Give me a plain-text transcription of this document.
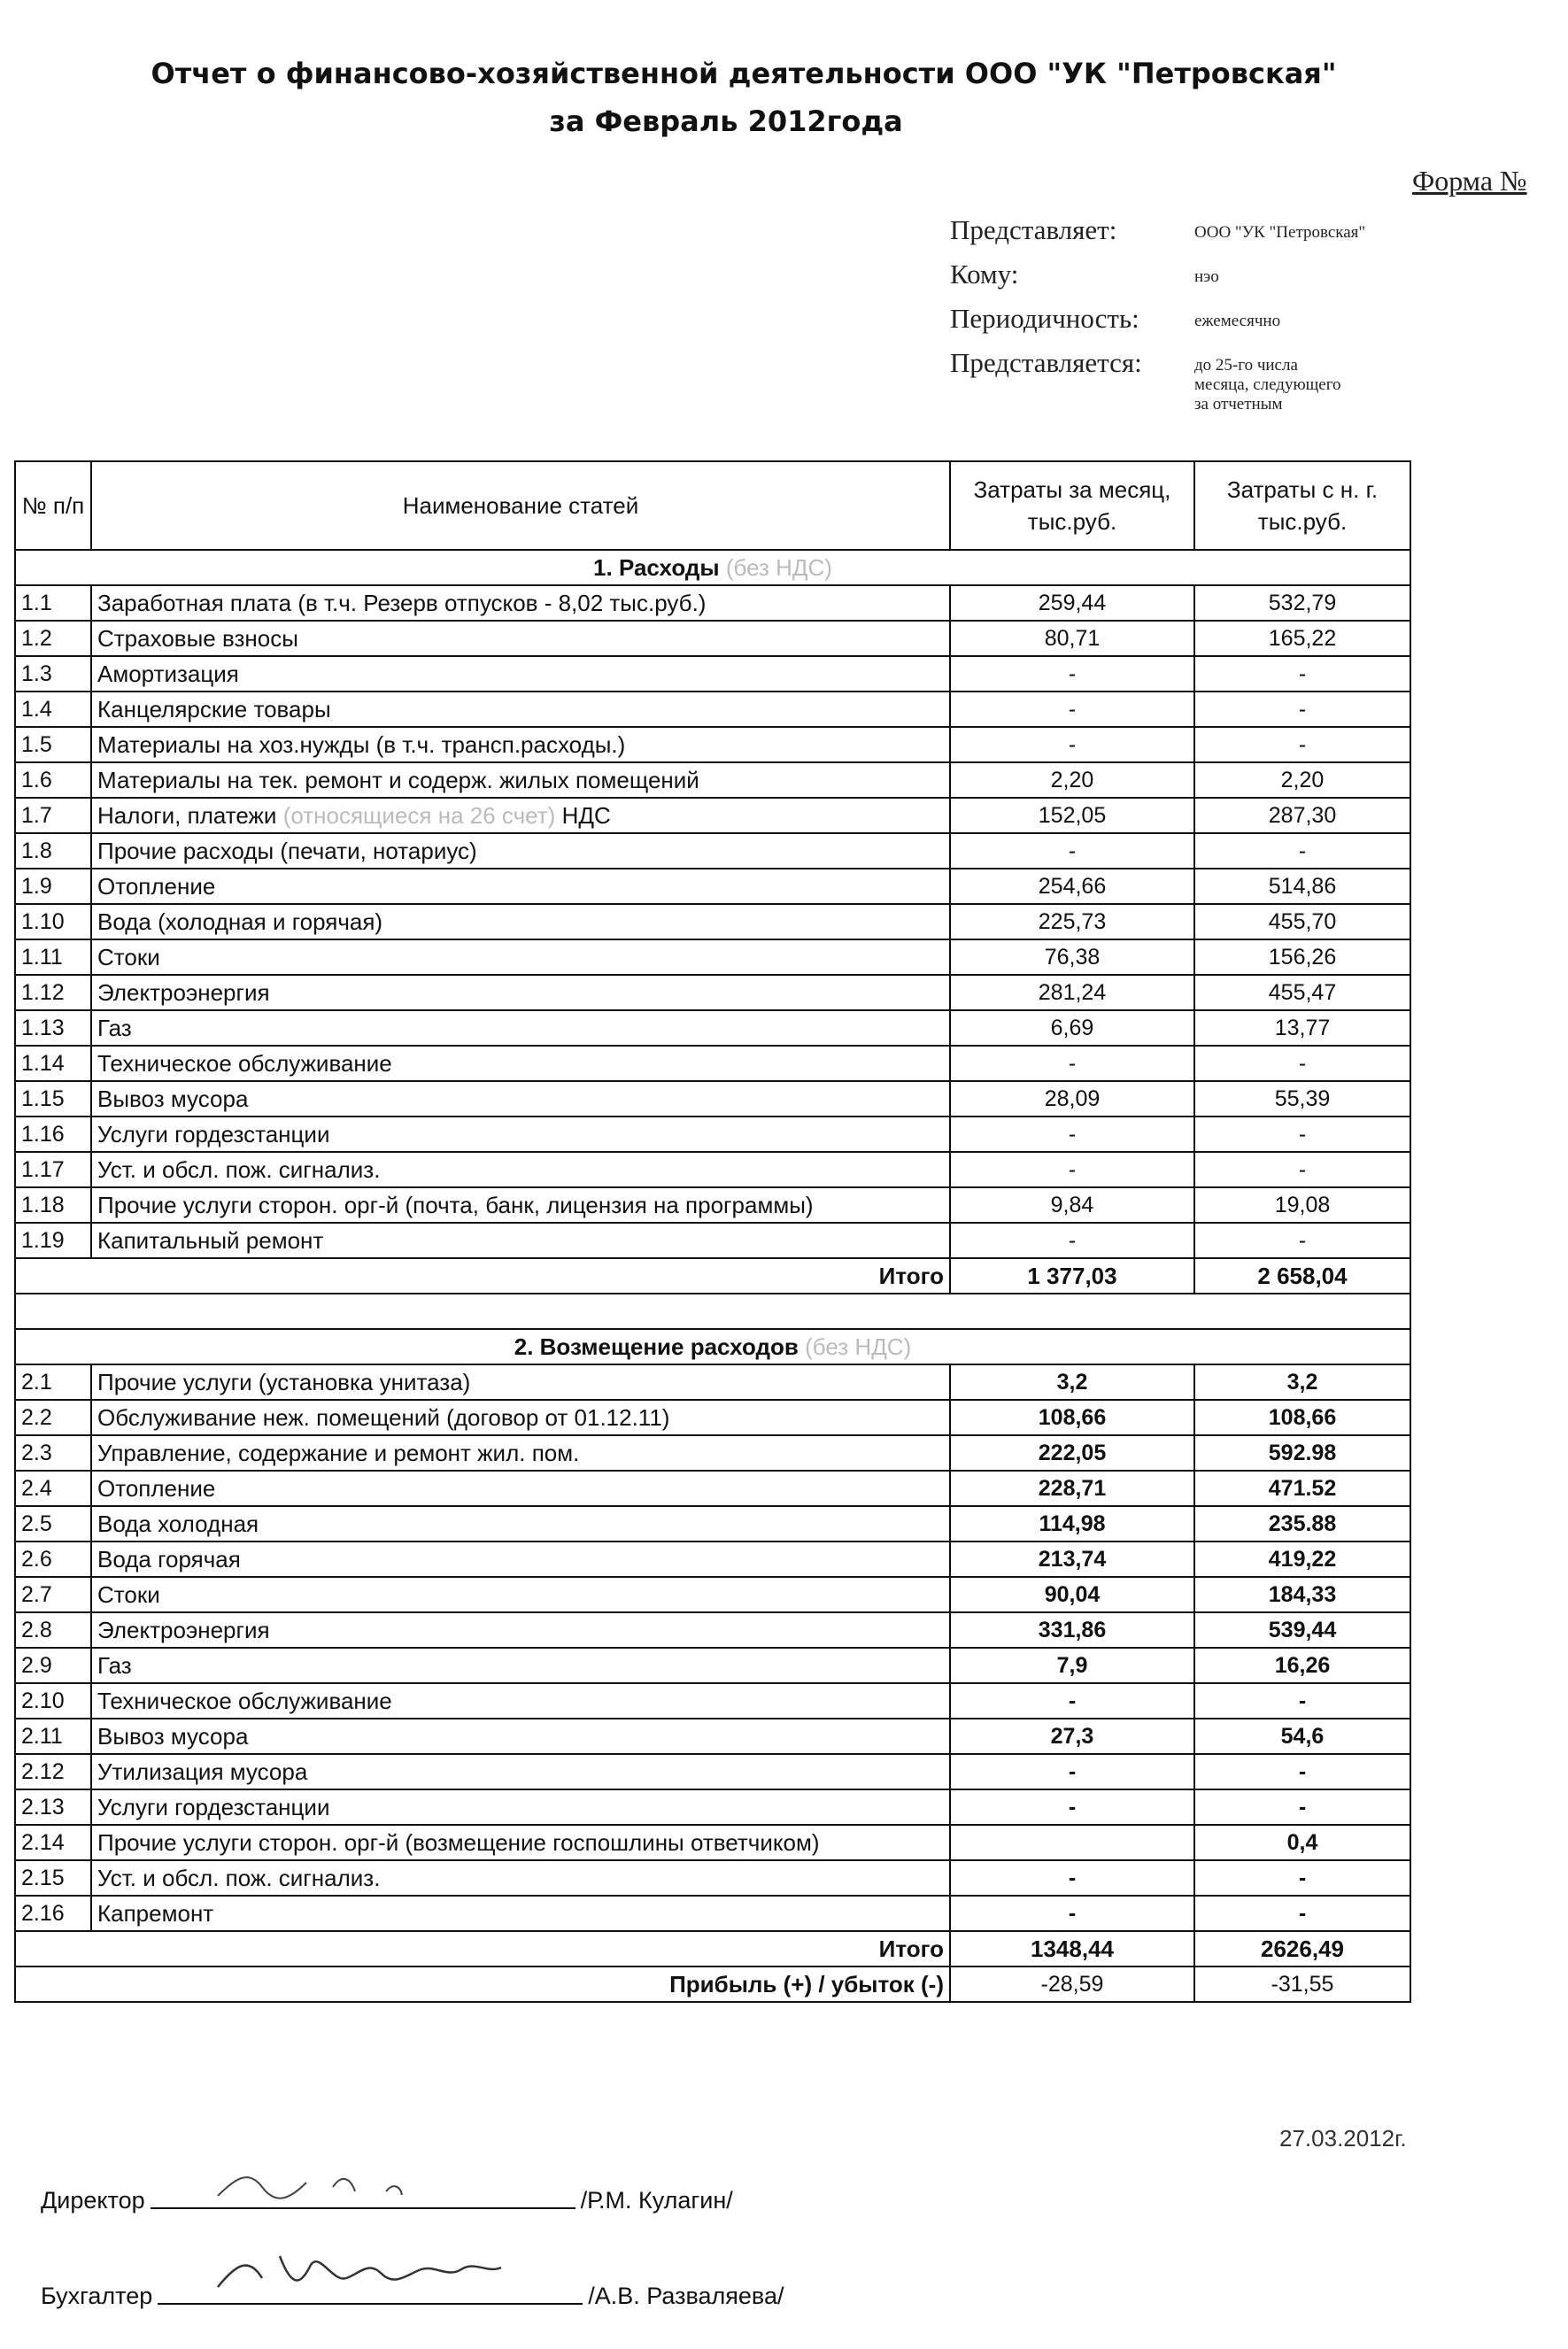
Отчет о финансово-хозяйственной деятельности ООО "УК "Петровская"
за Февраль 2012года
Форма №
Представляет:	ООО "УК "Петровская"
Кому:	нэо
Периодичность:	ежемесячно
Представляется:	до 25-го числа
месяца, следующего
за отчетным
№ п/п	Наименование статей	Затраты за месяц, тыс.руб.	Затраты с н. г. тыс.руб.
1. Расходы (без НДС)			
1.1	Заработная плата (в т.ч. Резерв отпусков - 8,02 тыс.руб.)	259,44	532,79
1.2	Страховые взносы	80,71	165,22
1.3	Амортизация	-	-
1.4	Канцелярские товары	-	-
1.5	Материалы на хоз.нужды (в т.ч. трансп.расходы.)	-	-
1.6	Материалы на тек. ремонт и содерж. жилых помещений	2,20	2,20
1.7	Налоги, платежи (относящиеся на 26 счет) НДС	152,05	287,30
1.8	Прочие расходы (печати, нотариус)	-	-
1.9	Отопление	254,66	514,86
1.10	Вода (холодная и горячая)	225,73	455,70
1.11	Стоки	76,38	156,26
1.12	Электроэнергия	281,24	455,47
1.13	Газ	6,69	13,77
1.14	Техническое обслуживание	-	-
1.15	Вывоз мусора	28,09	55,39
1.16	Услуги гордезстанции	-	-
1.17	Уст. и обсл. пож. сигнализ.	-	-
1.18	Прочие услуги сторон. орг-й (почта, банк, лицензия на программы)	9,84	19,08
1.19	Капитальный ремонт	-	-
Итого		1 377,03	2 658,04

2. Возмещение расходов (без НДС)			
2.1	Прочие услуги (установка унитаза)	3,2	3,2
2.2	Обслуживание неж. помещений (договор от 01.12.11)	108,66	108,66
2.3	Управление, содержание и ремонт жил. пом.	222,05	592.98
2.4	Отопление	228,71	471.52
2.5	Вода холодная	114,98	235.88
2.6	Вода горячая	213,74	419,22
2.7	Стоки	90,04	184,33
2.8	Электроэнергия	331,86	539,44
2.9	Газ	7,9	16,26
2.10	Техническое обслуживание	-	-
2.11	Вывоз мусора	27,3	54,6
2.12	Утилизация мусора	-	-
2.13	Услуги гордезстанции	-	-
2.14	Прочие услуги сторон. орг-й (возмещение госпошлины ответчиком)		0,4
2.15	Уст. и обсл. пож. сигнализ.	-	-
2.16	Капремонт	-	-
Итого		1348,44	2626,49
Прибыль (+) / убыток (-)		-28,59	-31,55
27.03.2012г.
Директор	/Р.М. Кулагин/
Бухгалтер	/А.В. Разваляева/
